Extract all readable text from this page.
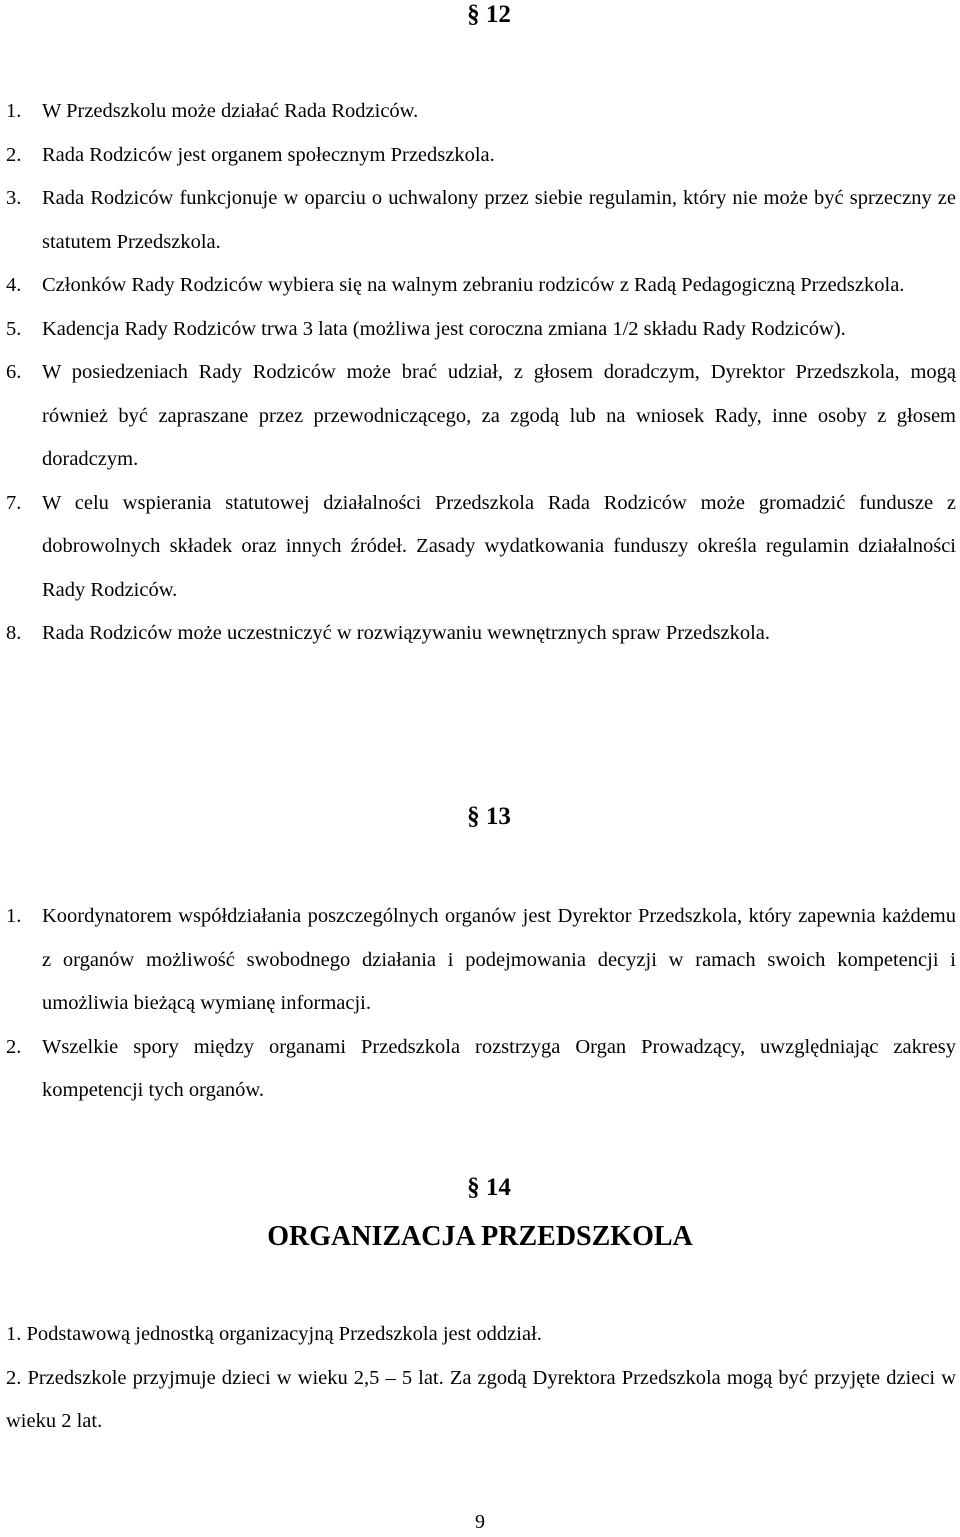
§ 12
1. W Przedszkolu może działać Rada Rodziców.
2. Rada Rodziców jest organem społecznym Przedszkola.
3. Rada Rodziców funkcjonuje w oparciu o uchwalony przez siebie regulamin, który nie może być sprzeczny ze statutem Przedszkola.
4. Członków Rady Rodziców wybiera się na walnym zebraniu rodziców z Radą Pedagogiczną Przedszkola.
5. Kadencja Rady Rodziców trwa 3 lata (możliwa jest coroczna zmiana 1/2 składu Rady Rodziców).
6. W posiedzeniach Rady Rodziców może brać udział, z głosem doradczym, Dyrektor Przedszkola, mogą również być zapraszane przez przewodniczącego, za zgodą lub na wniosek Rady, inne osoby z głosem doradczym.
7. W celu wspierania statutowej działalności Przedszkola Rada Rodziców może gromadzić fundusze z dobrowolnych składek oraz innych źródeł. Zasady wydatkowania funduszy określa regulamin działalności Rady Rodziców.
8. Rada Rodziców może uczestniczyć w rozwiązywaniu wewnętrznych spraw Przedszkola.
§ 13
1. Koordynatorem współdziałania poszczególnych organów jest Dyrektor Przedszkola, który zapewnia każdemu z organów możliwość swobodnego działania i podejmowania decyzji w ramach swoich kompetencji i umożliwia bieżącą wymianę informacji.
2. Wszelkie spory między organami Przedszkola rozstrzyga Organ Prowadzący, uwzględniając zakresy kompetencji tych organów.
§ 14
ORGANIZACJA PRZEDSZKOLA
1. Podstawową jednostką organizacyjną Przedszkola jest oddział.
2. Przedszkole przyjmuje dzieci w wieku 2,5 – 5 lat. Za zgodą Dyrektora Przedszkola mogą być przyjęte dzieci w wieku 2 lat.
9
